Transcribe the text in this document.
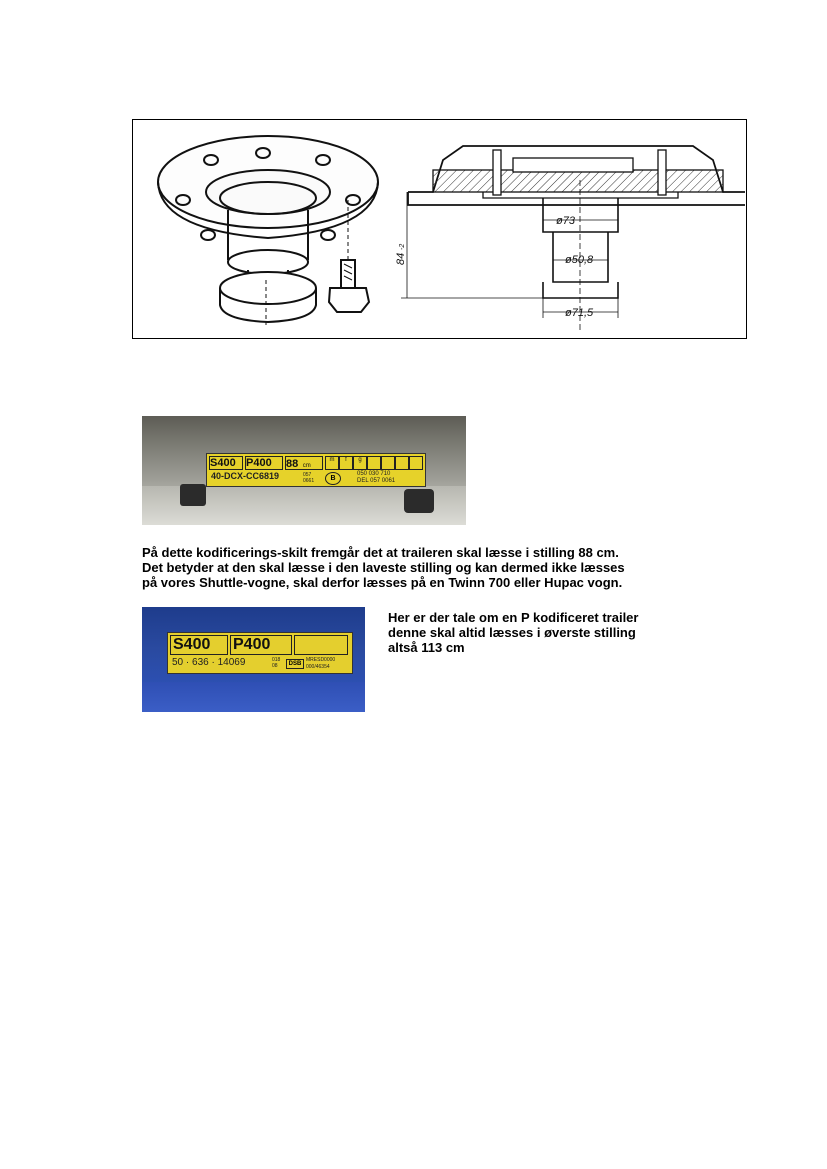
ø73
ø50,8
ø71,5
84
-2
S400 P400	88 cm
m	f	g
40-DCX-CC6819	057 0661	B
050 030 710
DEL 057 0061
På dette kodificerings-skilt fremgår det at traileren skal læsse i stilling 88 cm.
Det betyder at den skal læsse i den laveste stilling og kan dermed ikke læsses
på vores Shuttle-vogne, skal derfor læsses på en Twinn 700 eller Hupac vogn.
S400	P400
50 · 636 · 14069	018 08	DSB
MRESD0000
000/46354
Her er der tale om en P kodificeret trailer
denne skal altid læsses i øverste stilling
altså 113 cm
